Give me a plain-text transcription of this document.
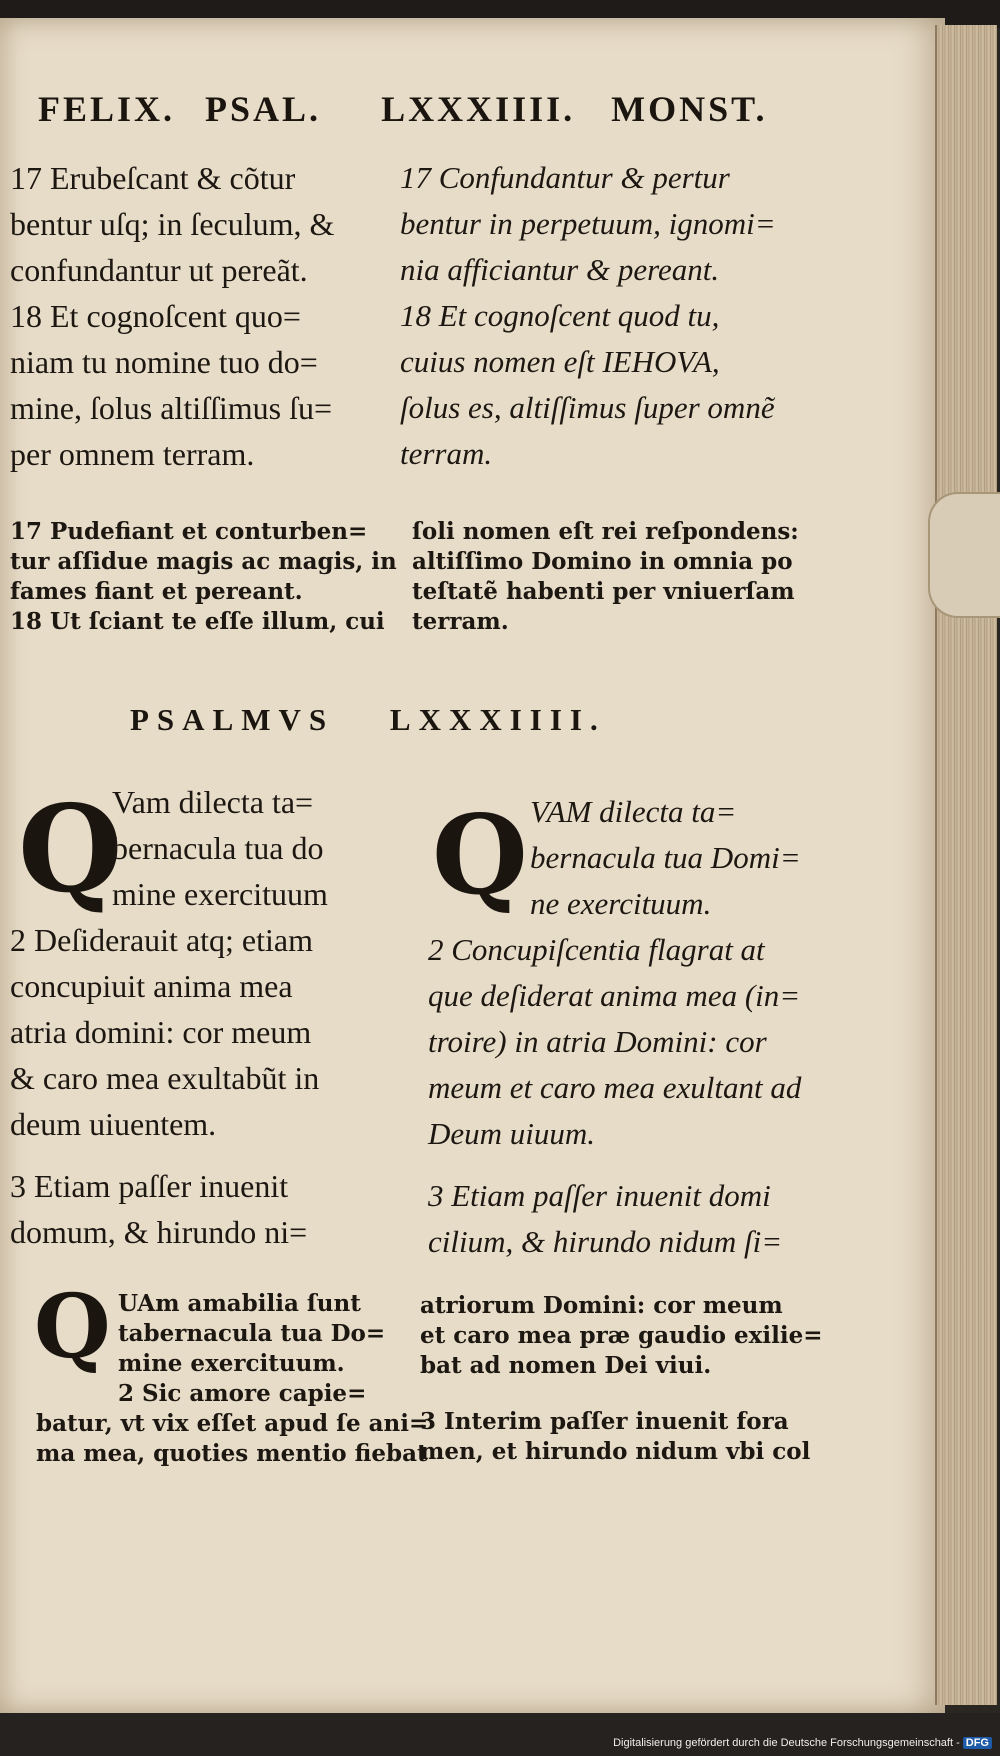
FELIX. PSAL. LXXXIIII. MONST.
17 Erubeſcant & cõtur
bentur uſq; in ſeculum, &
confundantur ut pereãt.
18 Et cognoſcent quo=
niam tu nomine tuo do=
mine, ſolus altiſſimus ſu=
per omnem terram.
17 Confundantur & pertur
bentur in perpetuum, ignomi=
nia afficiantur & pereant.
18 Et cognoſcent quod tu,
cuius nomen eſt IEHOVA,
ſolus es, altiſſimus ſuper omnẽ
terram.
17 Pudefiant et conturben=
tur aſſidue magis ac magis, in
fames fiant et pereant.
18 Ut ſciant te eſſe illum, cui
ſoli nomen eſt rei reſpondens:
altiſſimo Domino in omnia po
teſtatẽ habenti per vniuerſam
terram.
PSALMVS LXXXIIII.
Q
Vam dilecta ta=
bernacula tua do
mine exercituum
2 Deſiderauit atq; etiam
concupiuit anima mea
atria domini: cor meum
& caro mea exultabũt in
deum uiuentem.
3 Etiam paſſer inuenit
domum, & hirundo ni=
Q VAM dilecta ta=
bernacula tua Domi=
ne exercituum.
2 Concupiſcentia flagrat at
que deſiderat anima mea (in=
troire) in atria Domini: cor
meum et caro mea exultant ad
Deum uiuum.
3 Etiam paſſer inuenit domi
cilium, & hirundo nidum ſi=
Q UAm amabilia ſunt
tabernacula tua Do=
mine exercituum.
2 Sic amore capie=
batur, vt vix eſſet apud ſe ani=
ma mea, quoties mentio fiebat
atriorum Domini: cor meum
et caro mea præ gaudio exilie=
bat ad nomen Dei viui.
3 Interim paſſer inuenit fora
men, et hirundo nidum vbi col
Digitalisierung gefördert durch die Deutsche Forschungsgemeinschaft - DFG
